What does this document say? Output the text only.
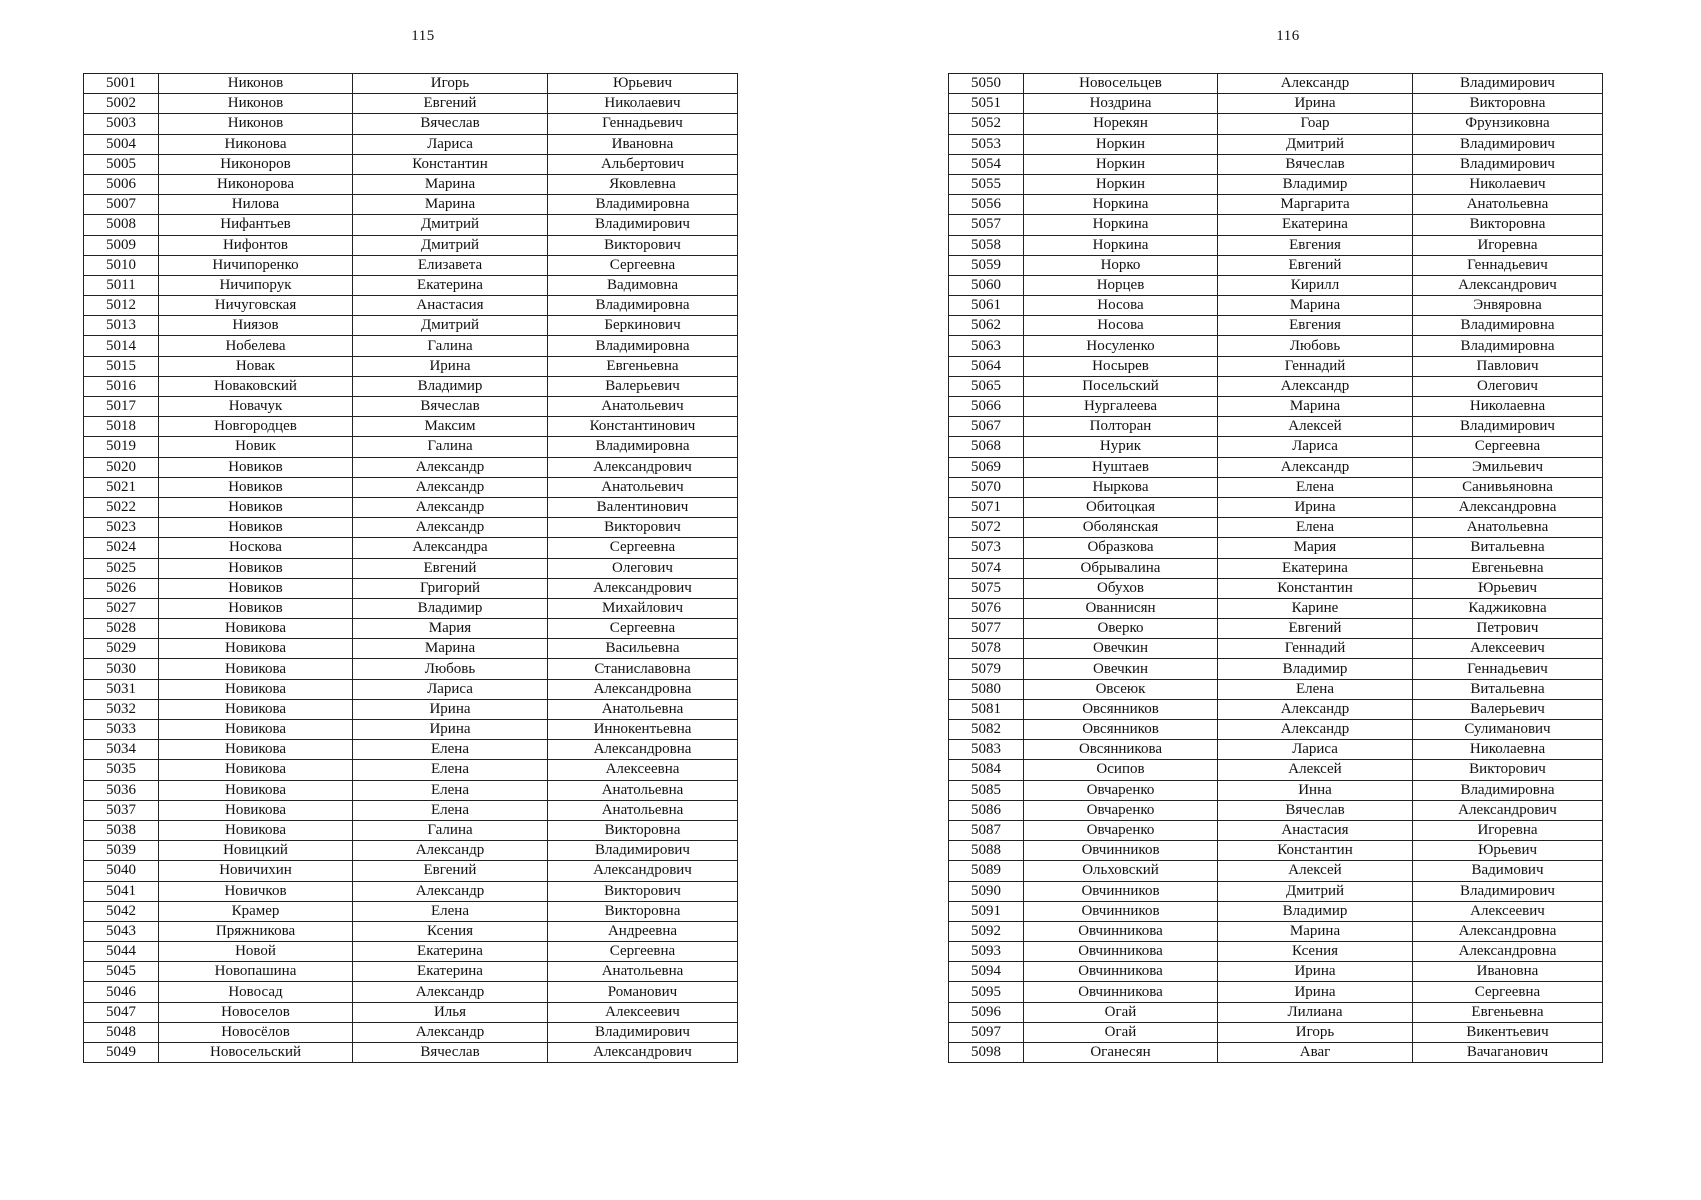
115	116
5001	Никонов	Игорь	Юрьевич
5002	Никонов	Евгений	Николаевич
5003	Никонов	Вячеслав	Геннадьевич
5004	Никонова	Лариса	Ивановна
5005	Никоноров	Константин	Альбертович
5006	Никонорова	Марина	Яковлевна
5007	Нилова	Марина	Владимировна
5008	Нифантьев	Дмитрий	Владимирович
5009	Нифонтов	Дмитрий	Викторович
5010	Ничипоренко	Елизавета	Сергеевна
5011	Ничипорук	Екатерина	Вадимовна
5012	Ничуговская	Анастасия	Владимировна
5013	Ниязов	Дмитрий	Беркинович
5014	Нобелева	Галина	Владимировна
5015	Новак	Ирина	Евгеньевна
5016	Новаковский	Владимир	Валерьевич
5017	Новачук	Вячеслав	Анатольевич
5018	Новгородцев	Максим	Константинович
5019	Новик	Галина	Владимировна
5020	Новиков	Александр	Александрович
5021	Новиков	Александр	Анатольевич
5022	Новиков	Александр	Валентинович
5023	Новиков	Александр	Викторович
5024	Носкова	Александра	Сергеевна
5025	Новиков	Евгений	Олегович
5026	Новиков	Григорий	Александрович
5027	Новиков	Владимир	Михайлович
5028	Новикова	Мария	Сергеевна
5029	Новикова	Марина	Васильевна
5030	Новикова	Любовь	Станиславовна
5031	Новикова	Лариса	Александровна
5032	Новикова	Ирина	Анатольевна
5033	Новикова	Ирина	Иннокентьевна
5034	Новикова	Елена	Александровна
5035	Новикова	Елена	Алексеевна
5036	Новикова	Елена	Анатольевна
5037	Новикова	Елена	Анатольевна
5038	Новикова	Галина	Викторовна
5039	Новицкий	Александр	Владимирович
5040	Новичихин	Евгений	Александрович
5041	Новичков	Александр	Викторович
5042	Крамер	Елена	Викторовна
5043	Пряжникова	Ксения	Андреевна
5044	Новой	Екатерина	Сергеевна
5045	Новопашина	Екатерина	Анатольевна
5046	Новосад	Александр	Романович
5047	Новоселов	Илья	Алексеевич
5048	Новосёлов	Александр	Владимирович
5049	Новосельский	Вячеслав	Александрович
5050	Новосельцев	Александр	Владимирович
5051	Ноздрина	Ирина	Викторовна
5052	Норекян	Гоар	Фрунзиковна
5053	Норкин	Дмитрий	Владимирович
5054	Норкин	Вячеслав	Владимирович
5055	Норкин	Владимир	Николаевич
5056	Норкина	Маргарита	Анатольевна
5057	Норкина	Екатерина	Викторовна
5058	Норкина	Евгения	Игоревна
5059	Норко	Евгений	Геннадьевич
5060	Норцев	Кирилл	Александрович
5061	Носова	Марина	Энвяровна
5062	Носова	Евгения	Владимировна
5063	Носуленко	Любовь	Владимировна
5064	Носырев	Геннадий	Павлович
5065	Посельский	Александр	Олегович
5066	Нургалеева	Марина	Николаевна
5067	Полторан	Алексей	Владимирович
5068	Нурик	Лариса	Сергеевна
5069	Нуштаев	Александр	Эмильевич
5070	Ныркова	Елена	Санивьяновна
5071	Обитоцкая	Ирина	Александровна
5072	Оболянская	Елена	Анатольевна
5073	Образкова	Мария	Витальевна
5074	Обрывалина	Екатерина	Евгеньевна
5075	Обухов	Константин	Юрьевич
5076	Ованнисян	Карине	Каджиковна
5077	Оверко	Евгений	Петрович
5078	Овечкин	Геннадий	Алексеевич
5079	Овечкин	Владимир	Геннадьевич
5080	Овсеюк	Елена	Витальевна
5081	Овсянников	Александр	Валерьевич
5082	Овсянников	Александр	Сулиманович
5083	Овсянникова	Лариса	Николаевна
5084	Осипов	Алексей	Викторович
5085	Овчаренко	Инна	Владимировна
5086	Овчаренко	Вячеслав	Александрович
5087	Овчаренко	Анастасия	Игоревна
5088	Овчинников	Константин	Юрьевич
5089	Ольховский	Алексей	Вадимович
5090	Овчинников	Дмитрий	Владимирович
5091	Овчинников	Владимир	Алексеевич
5092	Овчинникова	Марина	Александровна
5093	Овчинникова	Ксения	Александровна
5094	Овчинникова	Ирина	Ивановна
5095	Овчинникова	Ирина	Сергеевна
5096	Огай	Лилиана	Евгеньевна
5097	Огай	Игорь	Викентьевич
5098	Оганесян	Аваг	Вачаганович
